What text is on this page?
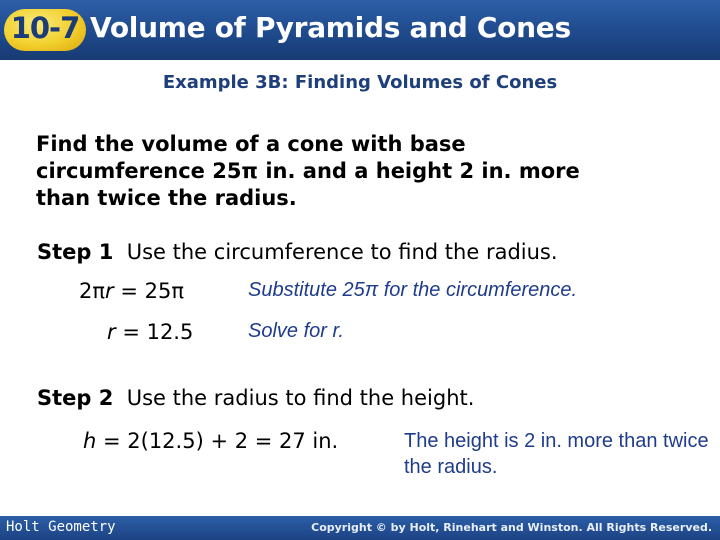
10-7 Volume of Pyramids and Cones
Example 3B: Finding Volumes of Cones
Find the volume of a cone with base
circumference 25π in. and a height 2 in. more
than twice the radius.
Step 1 Use the circumference to find the radius.
2πr = 25π	Substitute 25π for the circumference.
r = 12.5	Solve for r.
Step 2 Use the radius to find the height.
h = 2(12.5) + 2 = 27 in.	The height is 2 in. more than twice the radius.
Holt Geometry	Copyright © by Holt, Rinehart and Winston. All Rights Reserved.
